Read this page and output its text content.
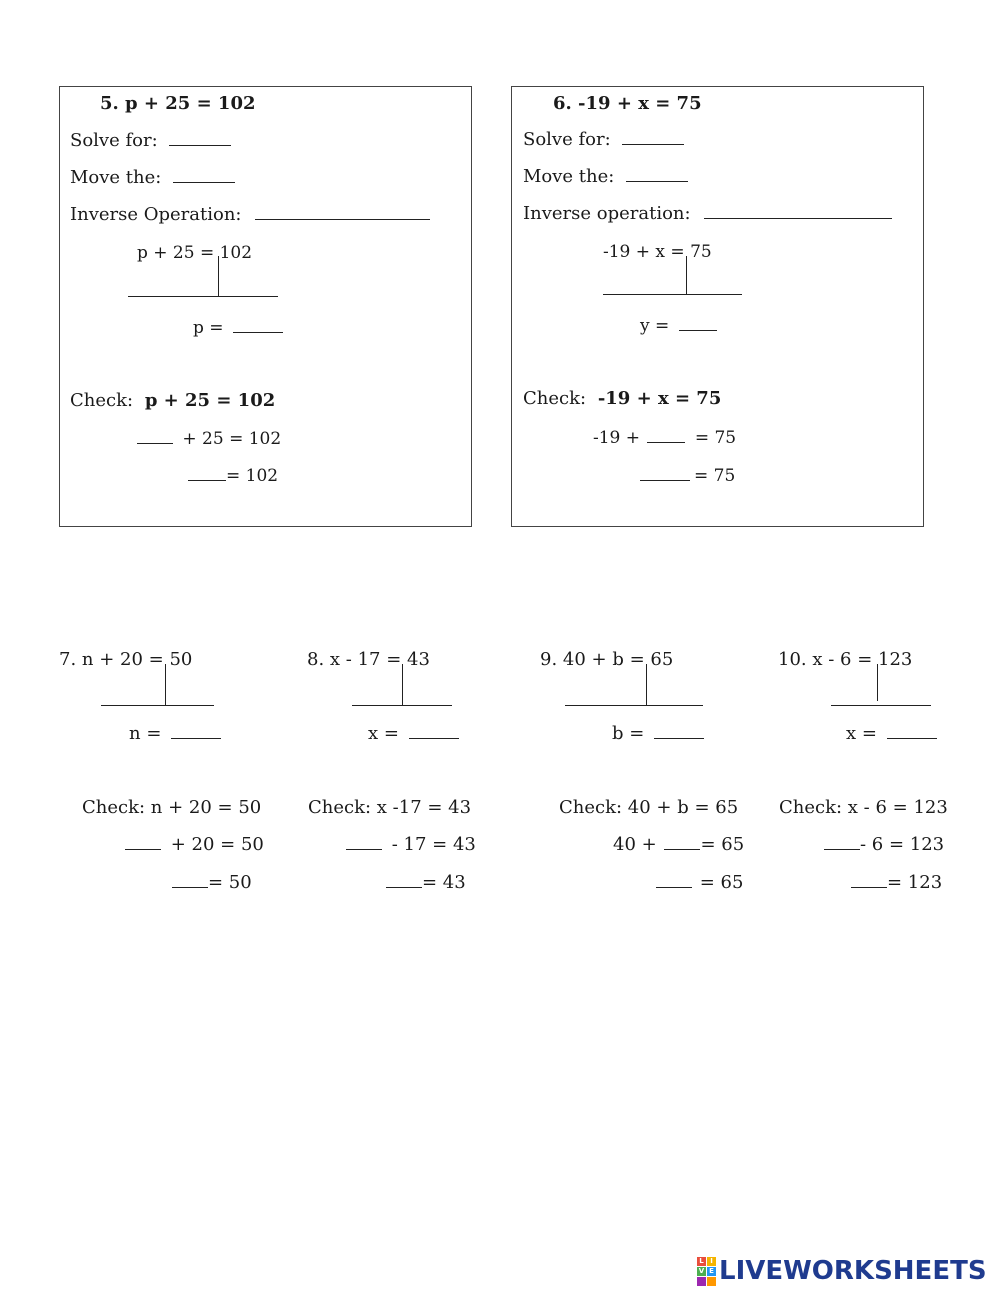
5. p + 25 = 102
Solve for:
Move the:
Inverse Operation:
p + 25 = 102
p =
Check: p + 25 = 102
+ 25 = 102
= 102
6. -19 + x = 75
Solve for:
Move the:
Inverse operation:
-19 + x = 75
y =
Check: -19 + x = 75
-19 +	= 75
= 75
7. n + 20 = 50
n =
Check: n + 20 = 50
+ 20 = 50
= 50
8. x - 17 = 43
x =
Check: x -17 = 43
- 17 = 43
= 43
9. 40 + b = 65
b =
Check: 40 + b = 65
40 + = 65
= 65
10. x - 6 = 123
x =
Check: x - 6 = 123
- 6 = 123
= 123
L I
V E LIVEWORKSHEETS
